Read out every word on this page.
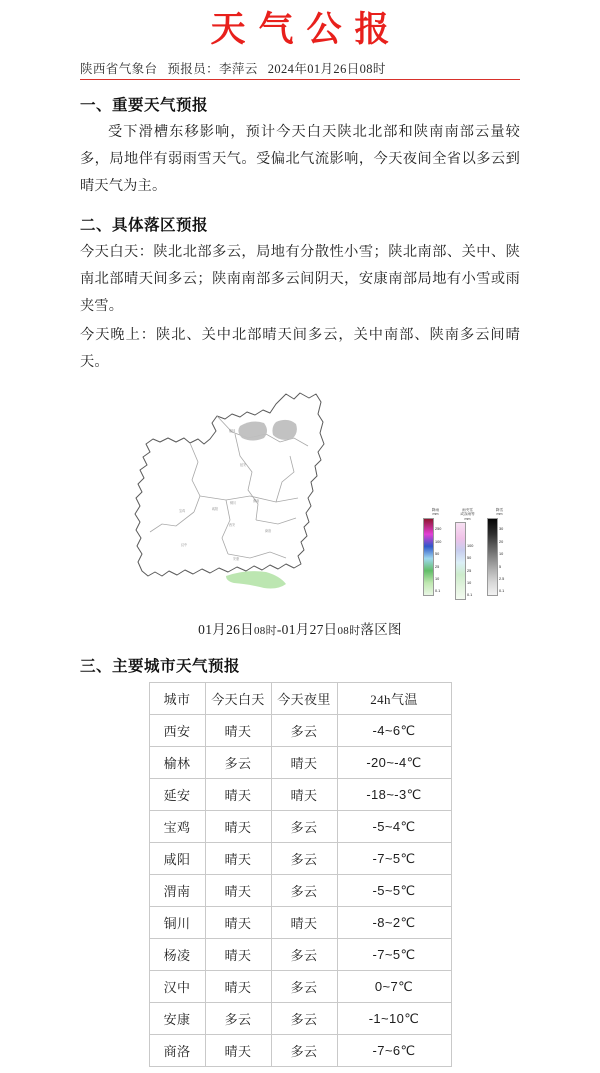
天气公报
陕西省气象台 预报员：李萍云 2024年01月26日08时
一、重要天气预报

受下滑槽东移影响，预计今天白天陕北北部和陕南南部云量较多，局地伴有弱雨雪天气。受偏北气流影响，今天夜间全省以多云到晴天气为主。

二、具体落区预报

今天白天：陕北北部多云，局地有分散性小雪；陕北南部、关中、陕南北部晴天间多云；陕南南部多云间阴天，安康南部局地有小雪或雨夹雪。

今天晚上：陕北、关中北部晴天间多云，关中南部、陕南多云间晴天。

榆林
延安
铜川	渭南
咸阳
宝鸡
西安
商洛
汉中
安康
降雨
mm
250
100
50
25
10
0.1
雨夹雪
或冻雨等
mm
100
50
25
10
0.1
降雪
mm
30
20
10
5
2.5
0.1
01月26日08时-01月27日08时落区图
三、主要城市天气预报
城市	今天白天	今天夜里	24h气温
西安	晴天	多云	-4~6℃
榆林	多云	晴天	-20~-4℃
延安	晴天	晴天	-18~-3℃
宝鸡	晴天	多云	-5~4℃
咸阳	晴天	多云	-7~5℃
渭南	晴天	多云	-5~5℃
铜川	晴天	晴天	-8~2℃
杨凌	晴天	多云	-7~5℃
汉中	晴天	多云	0~7℃
安康	多云	多云	-1~10℃
商洛	晴天	多云	-7~6℃
